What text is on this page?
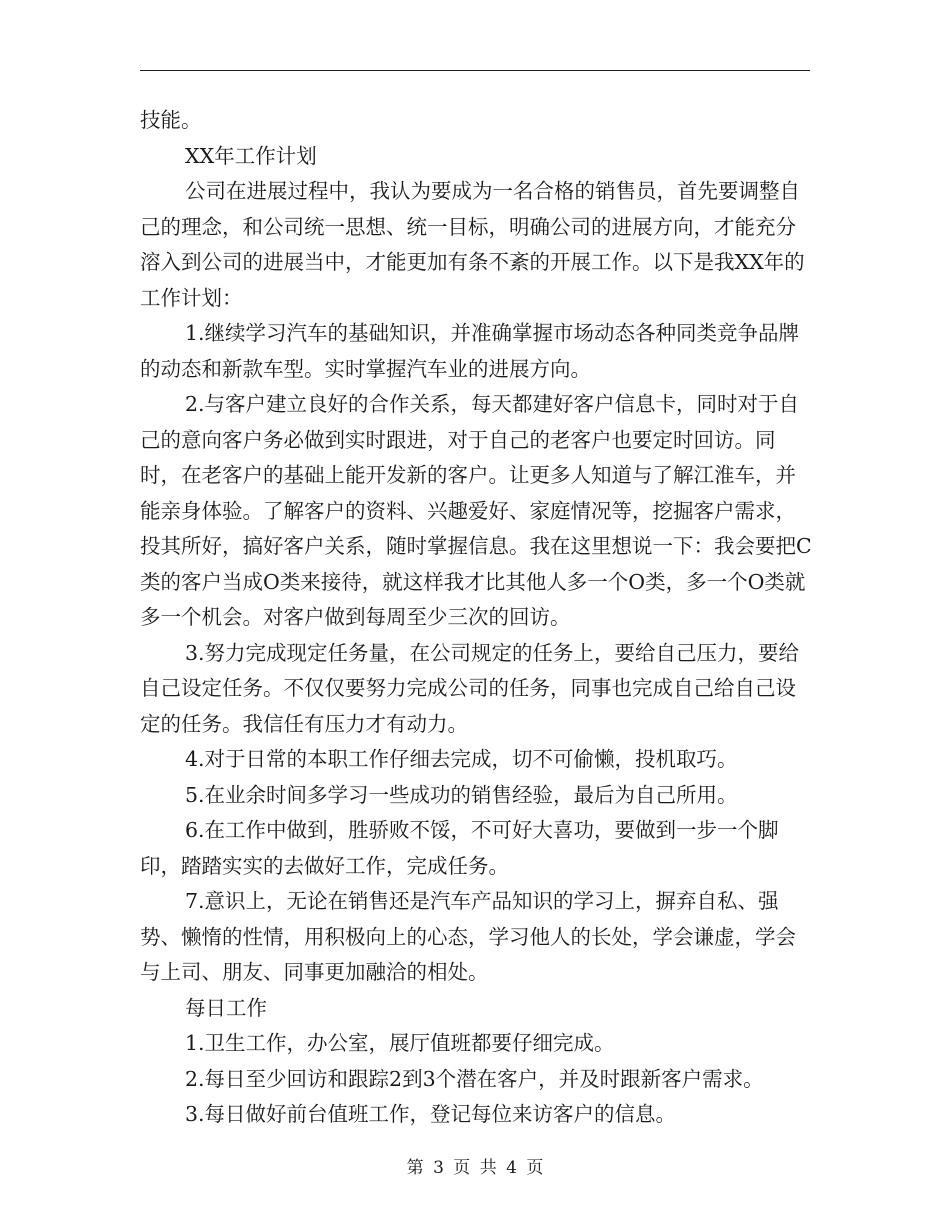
技能。

XX年工作计划

公司在进展过程中，我认为要成为一名合格的销售员，首先要调整自己的理念，和公司统一思想、统一目标，明确公司的进展方向，才能充分溶入到公司的进展当中，才能更加有条不紊的开展工作。以下是我XX年的工作计划：

1.继续学习汽车的基础知识，并准确掌握市场动态各种同类竞争品牌的动态和新款车型。实时掌握汽车业的进展方向。

2.与客户建立良好的合作关系，每天都建好客户信息卡，同时对于自己的意向客户务必做到实时跟进，对于自己的老客户也要定时回访。同时，在老客户的基础上能开发新的客户。让更多人知道与了解江淮车，并能亲身体验。了解客户的资料、兴趣爱好、家庭情况等，挖掘客户需求，投其所好，搞好客户关系，随时掌握信息。我在这里想说一下：我会要把C类的客户当成O类来接待，就这样我才比其他人多一个O类，多一个O类就多一个机会。对客户做到每周至少三次的回访。

3.努力完成现定任务量，在公司规定的任务上，要给自己压力，要给自己设定任务。不仅仅要努力完成公司的任务，同事也完成自己给自己设定的任务。我信任有压力才有动力。

4.对于日常的本职工作仔细去完成，切不可偷懒，投机取巧。

5.在业余时间多学习一些成功的销售经验，最后为自己所用。

6.在工作中做到，胜骄败不馁，不可好大喜功，要做到一步一个脚印，踏踏实实的去做好工作，完成任务。

7.意识上，无论在销售还是汽车产品知识的学习上，摒弃自私、强势、懒惰的性情，用积极向上的心态，学习他人的长处，学会谦虚，学会与上司、朋友、同事更加融洽的相处。

每日工作

1.卫生工作，办公室，展厅值班都要仔细完成。

2.每日至少回访和跟踪2到3个潜在客户，并及时跟新客户需求。

3.每日做好前台值班工作，登记每位来访客户的信息。

第 3 页 共 4 页
